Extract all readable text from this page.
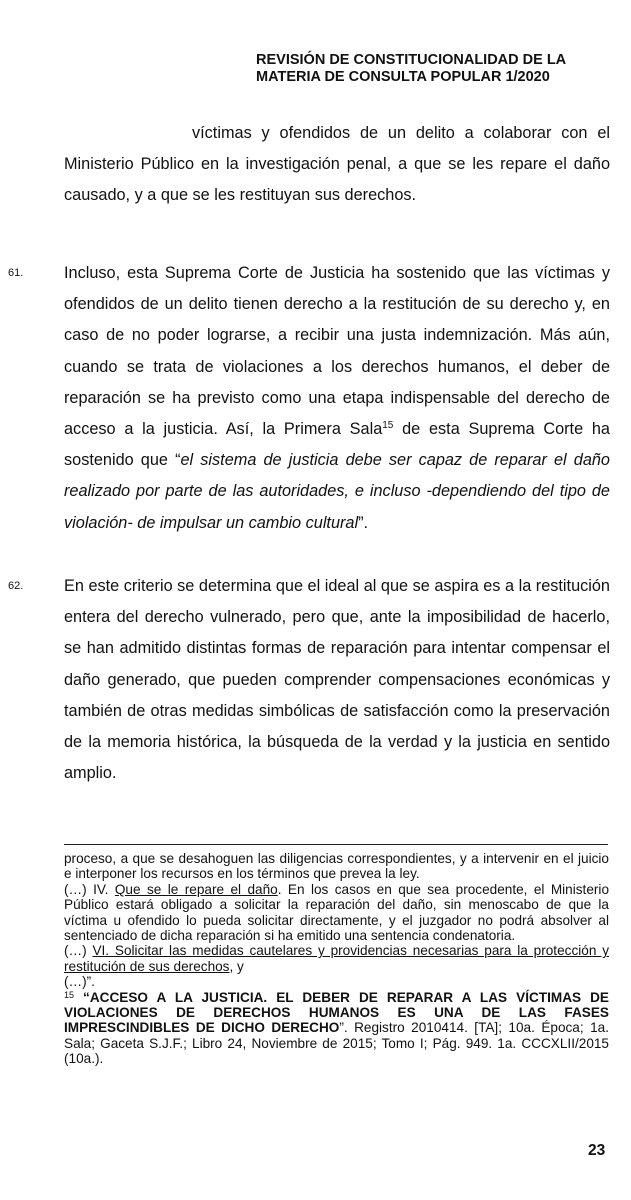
REVISIÓN DE CONSTITUCIONALIDAD DE LA
MATERIA DE CONSULTA POPULAR 1/2020

víctimas y ofendidos de un delito a colaborar con el Ministerio Público en la investigación penal, a que se les repare el daño causado, y a que se les restituyan sus derechos.

61. Incluso, esta Suprema Corte de Justicia ha sostenido que las víctimas y ofendidos de un delito tienen derecho a la restitución de su derecho y, en caso de no poder lograrse, a recibir una justa indemnización. Más aún, cuando se trata de violaciones a los derechos humanos, el deber de reparación se ha previsto como una etapa indispensable del derecho de acceso a la justicia. Así, la Primera Sala$^{15}$ de esta Suprema Corte ha sostenido que “el sistema de justicia debe ser capaz de reparar el daño realizado por parte de las autoridades, e incluso -dependiendo del tipo de violación- de impulsar un cambio cultural”.

62. En este criterio se determina que el ideal al que se aspira es a la restitución entera del derecho vulnerado, pero que, ante la imposibilidad de hacerlo, se han admitido distintas formas de reparación para intentar compensar el daño generado, que pueden comprender compensaciones económicas y también de otras medidas simbólicas de satisfacción como la preservación de la memoria histórica, la búsqueda de la verdad y la justicia en sentido amplio.

proceso, a que se desahoguen las diligencias correspondientes, y a intervenir en el juicio e interponer los recursos en los términos que prevea la ley.

(…) IV. Que se le repare el daño. En los casos en que sea procedente, el Ministerio Público estará obligado a solicitar la reparación del daño, sin menoscabo de que la víctima u ofendido lo pueda solicitar directamente, y el juzgador no podrá absolver al sentenciado de dicha reparación si ha emitido una sentencia condenatoria.

(…) VI. Solicitar las medidas cautelares y providencias necesarias para la protección y restitución de sus derechos, y

(…)”.

$^{15}$ “ACCESO A LA JUSTICIA. EL DEBER DE REPARAR A LAS VÍCTIMAS DE VIOLACIONES DE DERECHOS HUMANOS ES UNA DE LAS FASES IMPRESCINDIBLES DE DICHO DERECHO”. Registro 2010414. [TA]; 10a. Época; 1a. Sala; Gaceta S.J.F.; Libro 24, Noviembre de 2015; Tomo I; Pág. 949. 1a. CCCXLII/2015 (10a.).

23
